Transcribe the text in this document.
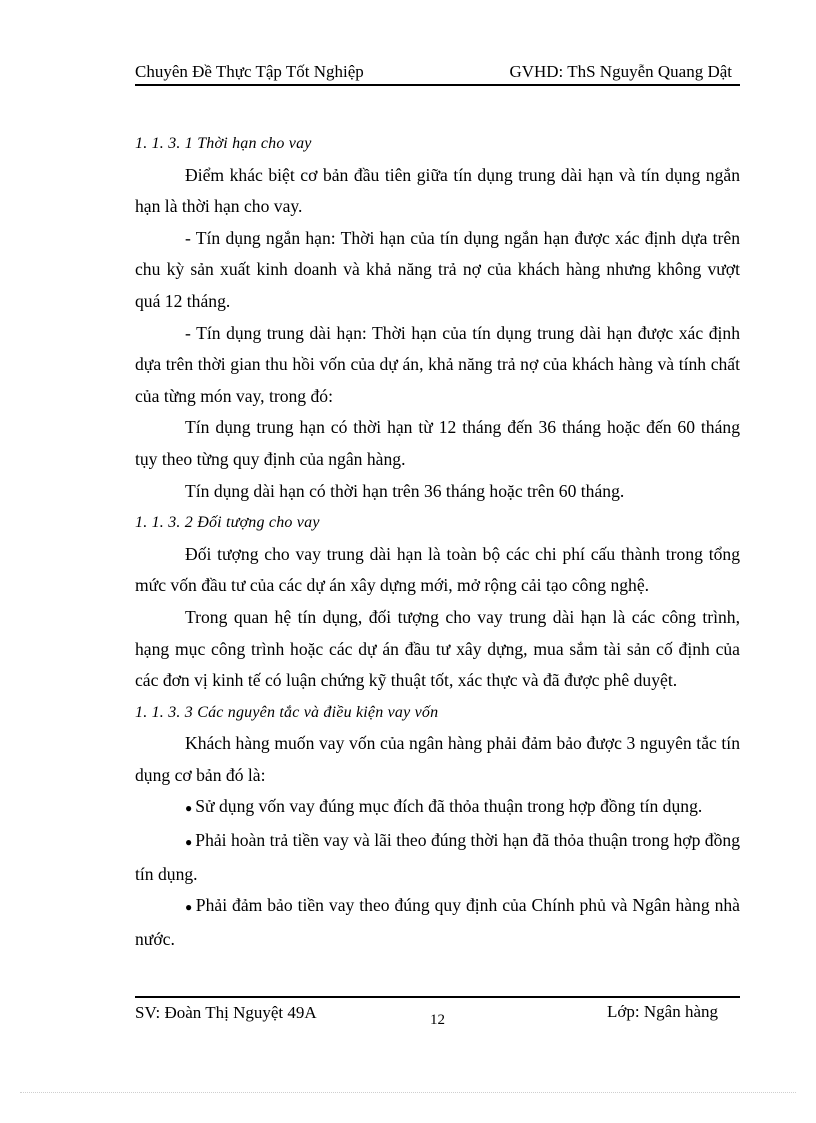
Chuyên Đề Thực Tập Tốt Nghiệp	GVHD: ThS Nguyễn Quang Dật

1. 1. 3. 1 Thời hạn cho vay

Điểm khác biệt cơ bản đầu tiên giữa tín dụng trung dài hạn và tín dụng ngắn hạn là thời hạn cho vay.

- Tín dụng ngắn hạn: Thời hạn của tín dụng ngắn hạn được xác định dựa trên chu kỳ sản xuất kinh doanh và khả năng trả nợ của khách hàng nhưng không vượt quá 12 tháng.

- Tín dụng trung dài hạn: Thời hạn của tín dụng trung dài hạn được xác định dựa trên thời gian thu hồi vốn của dự án, khả năng trả nợ của khách hàng và tính chất của từng món vay, trong đó:

Tín dụng trung hạn có thời hạn từ 12 tháng đến 36 tháng hoặc đến 60 tháng tụy theo từng quy định của ngân hàng.

Tín dụng dài hạn có thời hạn trên 36 tháng hoặc trên 60 tháng.

1. 1. 3. 2 Đối tượng cho vay

Đối tượng cho vay trung dài hạn là toàn bộ các chi phí cấu thành trong tổng mức vốn đầu tư của các dự án xây dựng mới, mở rộng cải tạo công nghệ.

Trong quan hệ tín dụng, đối tượng cho vay trung dài hạn là các công trình, hạng mục công trình hoặc các dự án đầu tư xây dựng, mua sắm tài sản cố định của các đơn vị kinh tế có luận chứng kỹ thuật tốt, xác thực và đã được phê duyệt.

1. 1. 3. 3 Các nguyên tắc và điều kiện vay vốn

Khách hàng muốn vay vốn của ngân hàng phải đảm bảo được 3 nguyên tắc tín dụng cơ bản đó là:

● Sử dụng vốn vay đúng mục đích đã thỏa thuận trong hợp đồng tín dụng.

● Phải hoàn trả tiền vay và lãi theo đúng thời hạn đã thỏa thuận trong hợp đồng tín dụng.

● Phải đảm bảo tiền vay theo đúng quy định của Chính phủ và Ngân hàng nhà nước.

SV: Đoàn Thị Nguyệt 49A	12	Lớp: Ngân hàng
